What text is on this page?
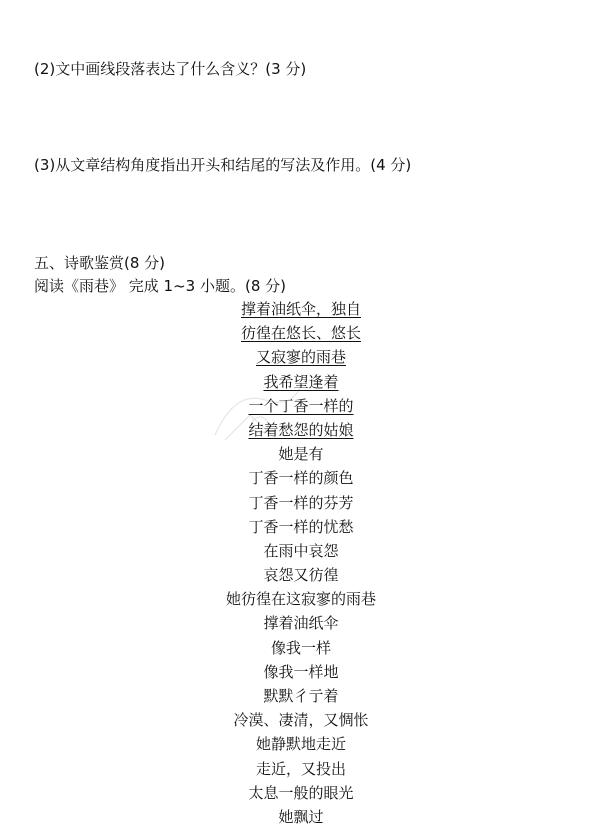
(2)文中画线段落表达了什么含义？(3 分)
(3)从文章结构角度指出开头和结尾的写法及作用。(4 分)
五、诗歌鉴赏(8 分)
阅读《雨巷》 完成 1~3 小题。(8 分)
撑着油纸伞，独自
彷徨在悠长、悠长
又寂寥的雨巷
我希望逢着
一个丁香一样的
结着愁怨的姑娘
她是有
丁香一样的颜色
丁香一样的芬芳
丁香一样的忧愁
在雨中哀怨
哀怨又彷徨
她彷徨在这寂寥的雨巷
撑着油纸伞
像我一样
像我一样地
默默彳亍着
冷漠、凄清，又惆怅
她静默地走近
走近，又投出
太息一般的眼光
她飘过
